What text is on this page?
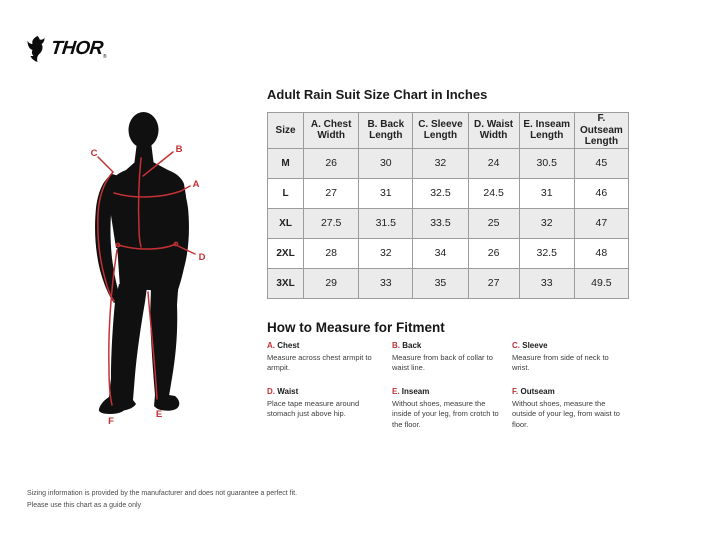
THOR
®
A
B
C
D
E
F
Adult Rain Suit Size Chart in Inches
Size	A. Chest Width	B. Back Length	C. Sleeve Length	D. Waist Width	E. Inseam Length	F. Outseam Length
M	26	30	32	24	30.5	45
L	27	31	32.5	24.5	31	46
XL	27.5	31.5	33.5	25	32	47
2XL	28	32	34	26	32.5	48
3XL	29	33	35	27	33	49.5
How to Measure for Fitment
A. Chest
Measure across chest armpit to armpit.
B. Back
Measure from back of collar to waist line.
C. Sleeve
Measure from side of neck to wrist.
D. Waist
Place tape measure around stomach just above hip.
E. Inseam
Without shoes, measure the inside of your leg, from crotch to the floor.
F. Outseam
Without shoes, measure the outside of your leg, from waist to floor.
Sizing information is provided by the manufacturer and does not guarantee a perfect fit.
Please use this chart as a guide only
